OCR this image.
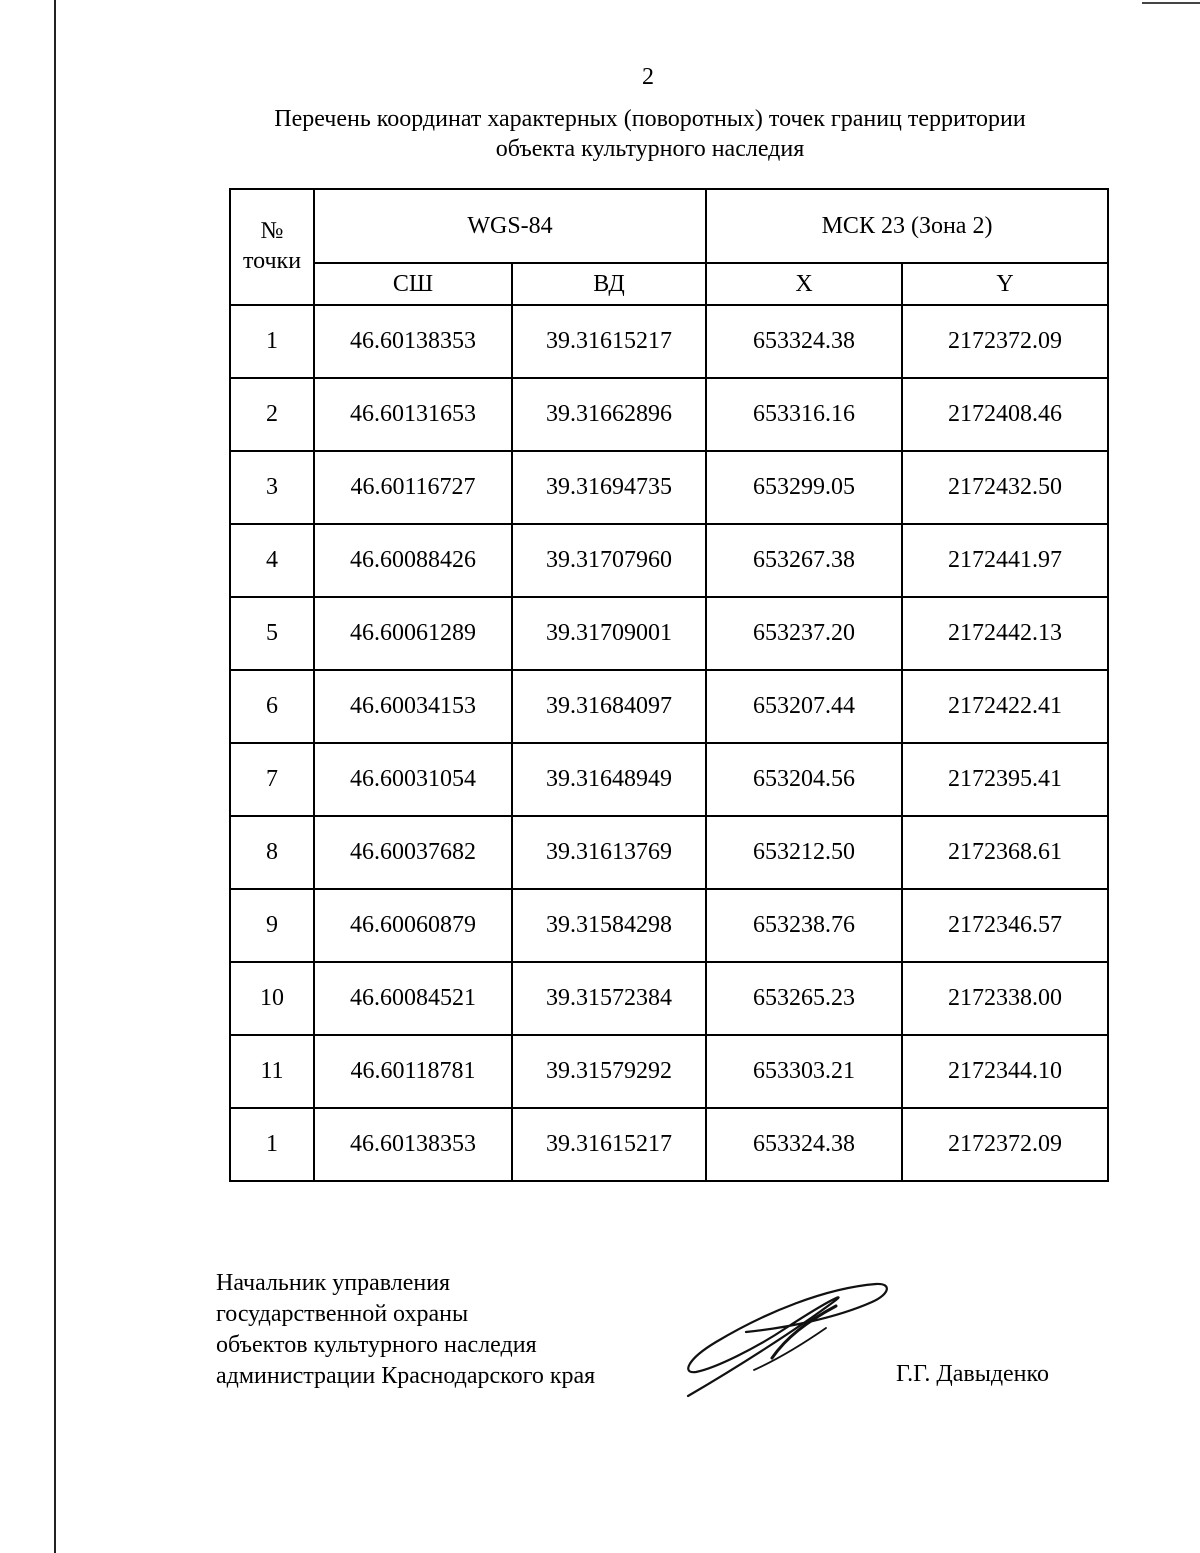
2
Перечень координат характерных (поворотных) точек границ территории
объекта культурного наследия
№
точки	WGS-84		МСК 23 (Зона 2)	
	СШ	ВД	X	Y
1	46.60138353	39.31615217	653324.38	2172372.09
2	46.60131653	39.31662896	653316.16	2172408.46
3	46.60116727	39.31694735	653299.05	2172432.50
4	46.60088426	39.31707960	653267.38	2172441.97
5	46.60061289	39.31709001	653237.20	2172442.13
6	46.60034153	39.31684097	653207.44	2172422.41
7	46.60031054	39.31648949	653204.56	2172395.41
8	46.60037682	39.31613769	653212.50	2172368.61
9	46.60060879	39.31584298	653238.76	2172346.57
10	46.60084521	39.31572384	653265.23	2172338.00
11	46.60118781	39.31579292	653303.21	2172344.10
1	46.60138353	39.31615217	653324.38	2172372.09
Начальник управления
государственной охраны
объектов культурного наследия
администрации Краснодарского края	Г.Г. Давыденко
